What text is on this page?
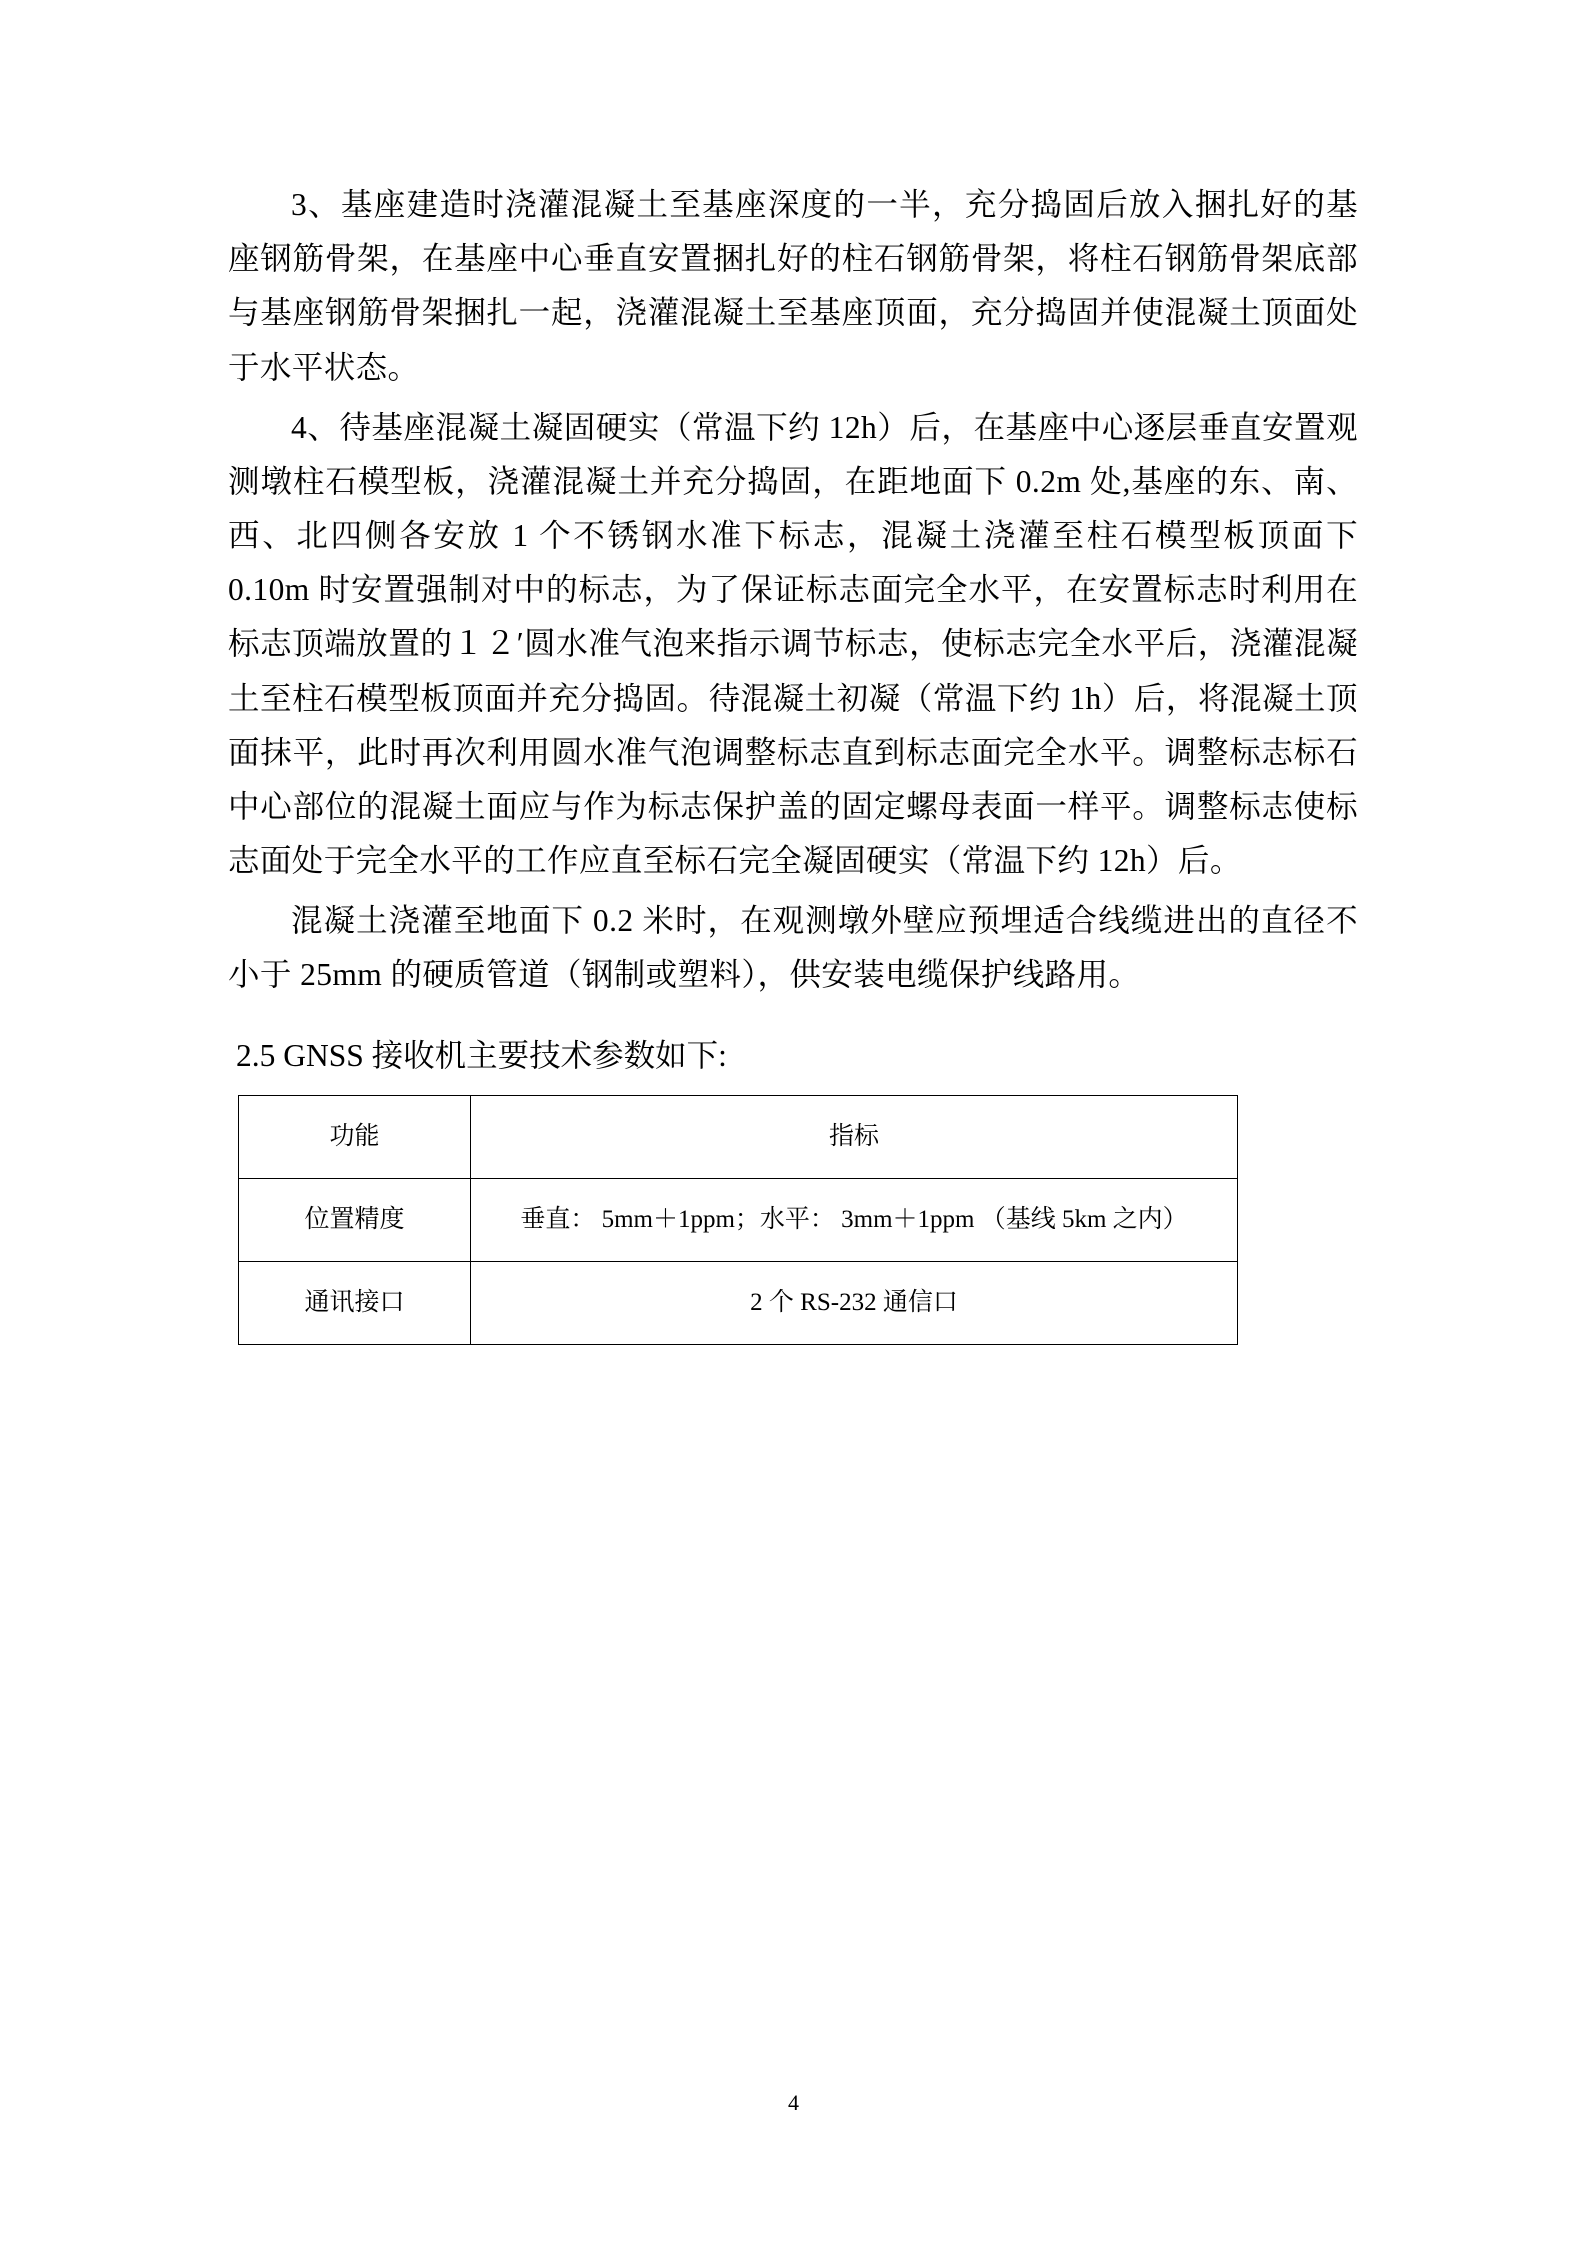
3、基座建造时浇灌混凝土至基座深度的一半，充分捣固后放入捆扎好的基座钢筋骨架，在基座中心垂直安置捆扎好的柱石钢筋骨架，将柱石钢筋骨架底部与基座钢筋骨架捆扎一起，浇灌混凝土至基座顶面，充分捣固并使混凝土顶面处于水平状态。

4、待基座混凝土凝固硬实（常温下约 12h）后，在基座中心逐层垂直安置观测墩柱石模型板，浇灌混凝土并充分捣固，在距地面下 0.2m 处,基座的东、南、西、北四侧各安放 1 个不锈钢水准下标志，混凝土浇灌至柱石模型板顶面下 0.10m 时安置强制对中的标志，为了保证标志面完全水平，在安置标志时利用在标志顶端放置的１２′圆水准气泡来指示调节标志，使标志完全水平后，浇灌混凝土至柱石模型板顶面并充分捣固。待混凝土初凝（常温下约 1h）后，将混凝土顶面抹平，此时再次利用圆水准气泡调整标志直到标志面完全水平。调整标志标石中心部位的混凝土面应与作为标志保护盖的固定螺母表面一样平。调整标志使标志面处于完全水平的工作应直至标石完全凝固硬实（常温下约 12h）后。

混凝土浇灌至地面下 0.2 米时，在观测墩外壁应预埋适合线缆进出的直径不小于 25mm 的硬质管道（钢制或塑料），供安装电缆保护线路用。

2.5 GNSS 接收机主要技术参数如下:
功能	指标
位置精度	垂直： 5mm＋1ppm；水平： 3mm＋1ppm （基线 5km 之内）
通讯接口	2 个 RS-232 通信口
4
